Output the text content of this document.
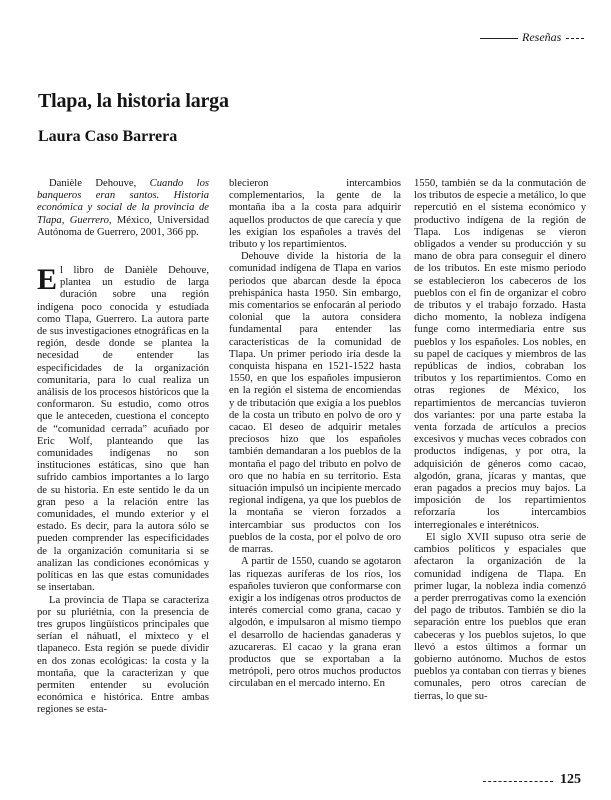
Reseñas
Tlapa, la historia larga
Laura Caso Barrera

Danièle Dehouve, Cuando los banqueros eran santos. Historia económica y social de la provincia de Tlapa, Guerrero, México, Universidad Autónoma de Guerrero, 2001, 366 pp.

El libro de Danièle Dehouve, plantea un estudio de larga duración sobre una región indígena poco conocida y estudiada como Tlapa, Guerrero. La autora parte de sus investigaciones etnográficas en la región, desde donde se plantea la necesidad de entender las especificidades de la organización comunitaria, para lo cual realiza un análisis de los procesos históricos que la conformaron. Su estudio, como otros que le anteceden, cuestiona el concepto de “comunidad cerrada” acuñado por Eric Wolf, planteando que las comunidades indígenas no son instituciones estáticas, sino que han sufrido cambios importantes a lo largo de su historia. En este sentido le da un gran peso a la relación entre las comunidades, el mundo exterior y el estado. Es decir, para la autora sólo se pueden comprender las especificidades de la organización comunitaria si se analizan las condiciones económicas y políticas en las que estas comunidades se insertaban.

La provincia de Tlapa se caracteriza por su pluriétnia, con la presencia de tres grupos lingüísticos principales que serían el náhuatl, el mixteco y el tlapaneco. Esta región se puede dividir en dos zonas ecológicas: la costa y la montaña, que la caracterizan y que permiten entender su evolución económica e histórica. Entre ambas regiones se esta-

blecieron intercambios complementarios, la gente de la montaña iba a la costa para adquirir aquellos productos de que carecía y que les exigían los españoles a través del tributo y los repartimientos.

Dehouve divide la historia de la comunidad indígena de Tlapa en varios periodos que abarcan desde la época prehispánica hasta 1950. Sin embargo, mis comentarios se enfocarán al periodo colonial que la autora considera fundamental para entender las características de la comunidad de Tlapa. Un primer periodo iría desde la conquista hispana en 1521-1522 hasta 1550, en que los españoles impusieron en la región el sistema de encomiendas y de tributación que exigía a los pueblos de la costa un tributo en polvo de oro y cacao. El deseo de adquirir metales preciosos hizo que los españoles también demandaran a los pueblos de la montaña el pago del tributo en polvo de oro que no había en su territorio. Esta situación impulsó un incipiente mercado regional indígena, ya que los pueblos de la montaña se vieron forzados a intercambiar sus productos con los pueblos de la costa, por el polvo de oro de marras.

A partir de 1550, cuando se agotaron las riquezas auríferas de los ríos, los españoles tuvieron que conformarse con exigir a los indígenas otros productos de interés comercial como grana, cacao y algodón, e impulsaron al mismo tiempo el desarrollo de haciendas ganaderas y azucareras. El cacao y la grana eran productos que se exportaban a la metrópoli, pero otros muchos productos circulaban en el mercado interno. En

1550, también se da la conmutación de los tributos de especie a metálico, lo que repercutió en el sistema económico y productivo indígena de la región de Tlapa. Los indígenas se vieron obligados a vender su producción y su mano de obra para conseguir el dinero de los tributos. En este mismo periodo se establecieron los cabeceros de los pueblos con el fin de organizar el cobro de tributos y el trabajo forzado. Hasta dicho momento, la nobleza indígena funge como intermediaria entre sus pueblos y los españoles. Los nobles, en su papel de caciques y miembros de las repúblicas de indios, cobraban los tributos y los repartimientos. Como en otras regiones de México, los repartimientos de mercancías tuvieron dos variantes: por una parte estaba la venta forzada de artículos a precios excesivos y muchas veces cobrados con productos indígenas, y por otra, la adquisición de géneros como cacao, algodón, grana, jícaras y mantas, que eran pagados a precios muy bajos. La imposición de los repartimientos reforzaría los intercambios interregionales e interétnicos.

El siglo XVII supuso otra serie de cambios políticos y espaciales que afectaron la organización de la comunidad indígena de Tlapa. En primer lugar, la nobleza india comenzó a perder prerrogativas como la exención del pago de tributos. También se dio la separación entre los pueblos que eran cabeceras y los pueblos sujetos, lo que llevó a estos últimos a formar un gobierno autónomo. Muchos de estos pueblos ya contaban con tierras y bienes comunales, pero otros carecían de tierras, lo que su-

125
